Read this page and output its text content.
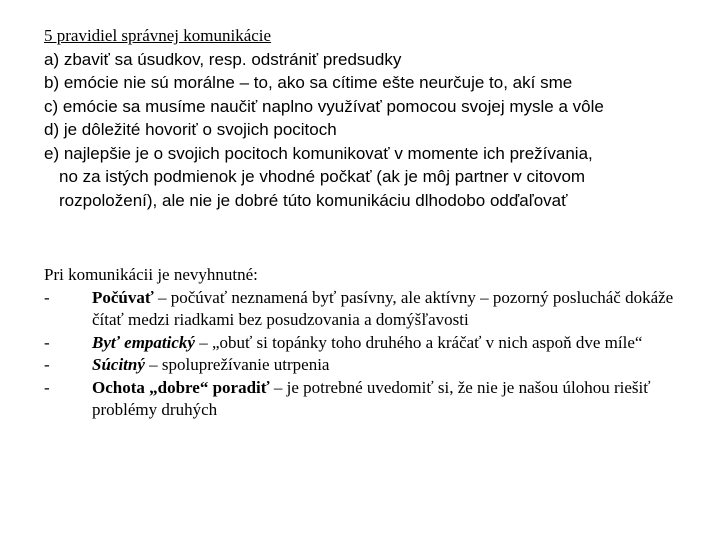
5 pravidiel správnej komunikácie
a) zbaviť sa úsudkov, resp. odstrániť predsudky
b) emócie nie sú morálne – to, ako sa cítime ešte neurčuje to, akí sme
c) emócie sa musíme naučiť naplno využívať pomocou svojej mysle a vôle
d) je dôležité hovoriť o svojich pocitoch
e) najlepšie je o svojich pocitoch komunikovať v momente ich prežívania,
no za istých podmienok je vhodné počkať (ak je môj partner v citovom
rozpoložení), ale nie je dobré túto komunikáciu dlhodobo odďaľovať
Pri komunikácii je nevyhnutné:
-	Počúvať – počúvať neznamená byť pasívny, ale aktívny – pozorný poslucháč dokáže čítať medzi riadkami bez posudzovania a domýšľavosti
-	Byť empatický – „obuť si topánky toho druhého a kráčať v nich aspoň dve míle“
-	Súcitný – spoluprežívanie utrpenia
-	Ochota „dobre“ poradiť – je potrebné uvedomiť si, že nie je našou úlohou riešiť problémy druhých
